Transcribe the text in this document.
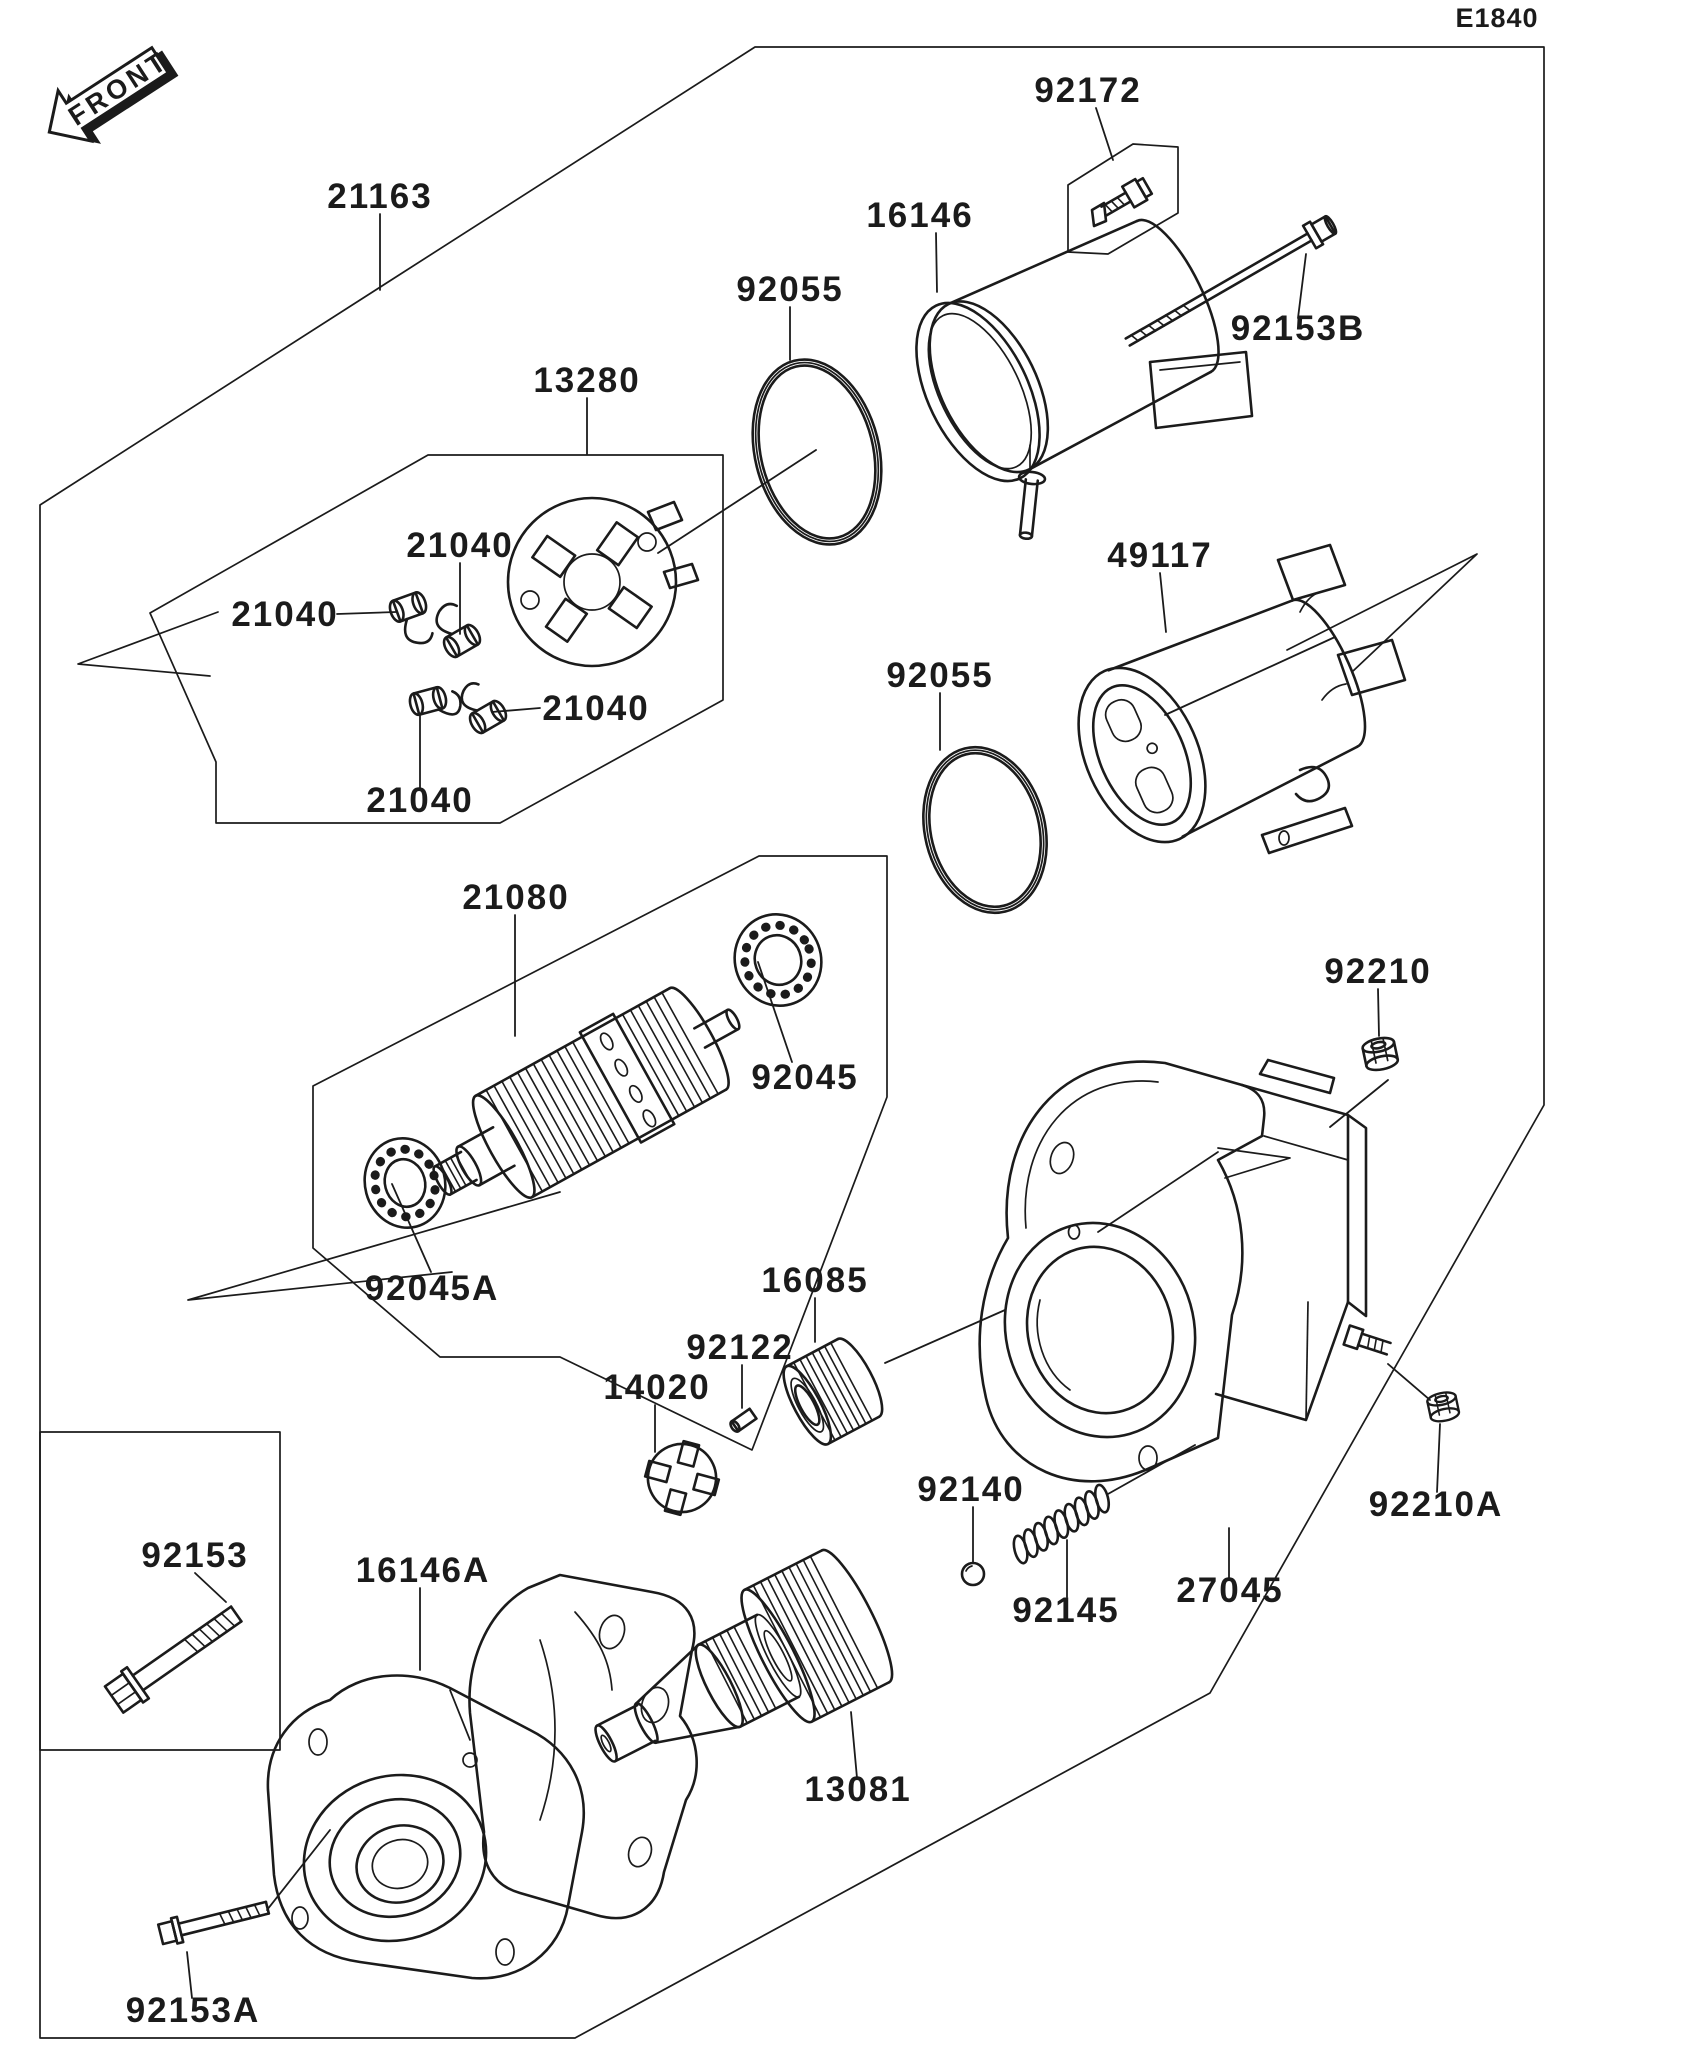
FRONT
E1840
21163
92172
16146
92055
92153B
13280
21040
21040
21040
21040
49117
92055
21080
92045
92210
92045A	16085
92122
14020
92140
92145
27045
92210A
92153	16146A
13081
92153A
